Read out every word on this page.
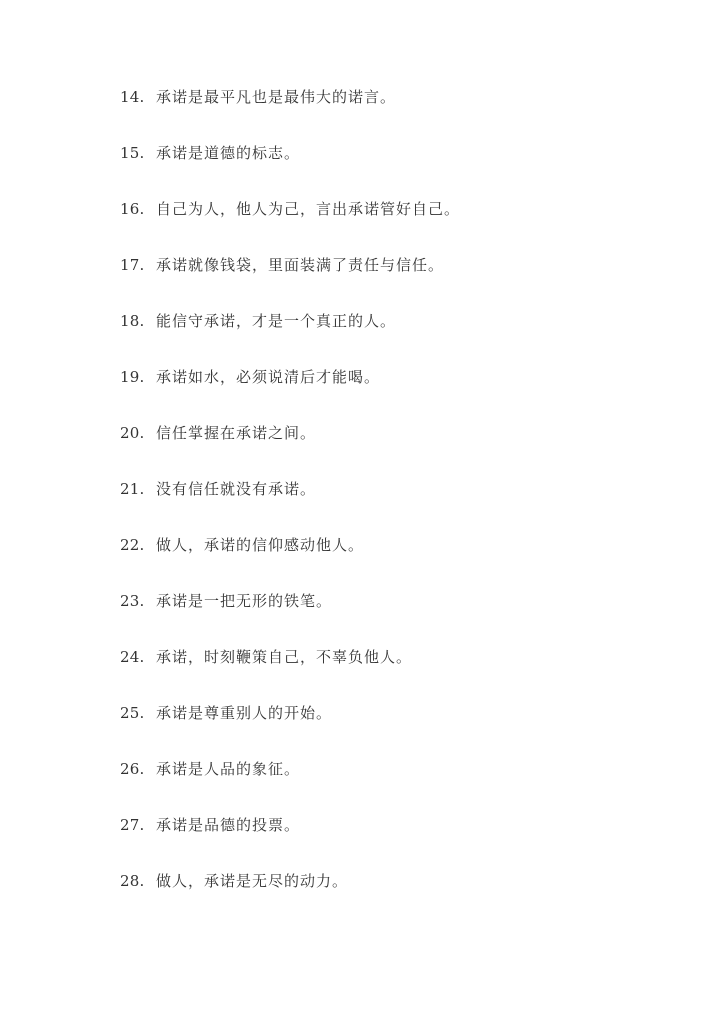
14. 承诺是最平凡也是最伟大的诺言。
15. 承诺是道德的标志。
16. 自己为人，他人为己，言出承诺管好自己。
17. 承诺就像钱袋，里面装满了责任与信任。
18. 能信守承诺，才是一个真正的人。
19. 承诺如水，必须说清后才能喝。
20. 信任掌握在承诺之间。
21. 没有信任就没有承诺。
22. 做人，承诺的信仰感动他人。
23. 承诺是一把无形的铁笔。
24. 承诺，时刻鞭策自己，不辜负他人。
25. 承诺是尊重别人的开始。
26. 承诺是人品的象征。
27. 承诺是品德的投票。
28. 做人，承诺是无尽的动力。
